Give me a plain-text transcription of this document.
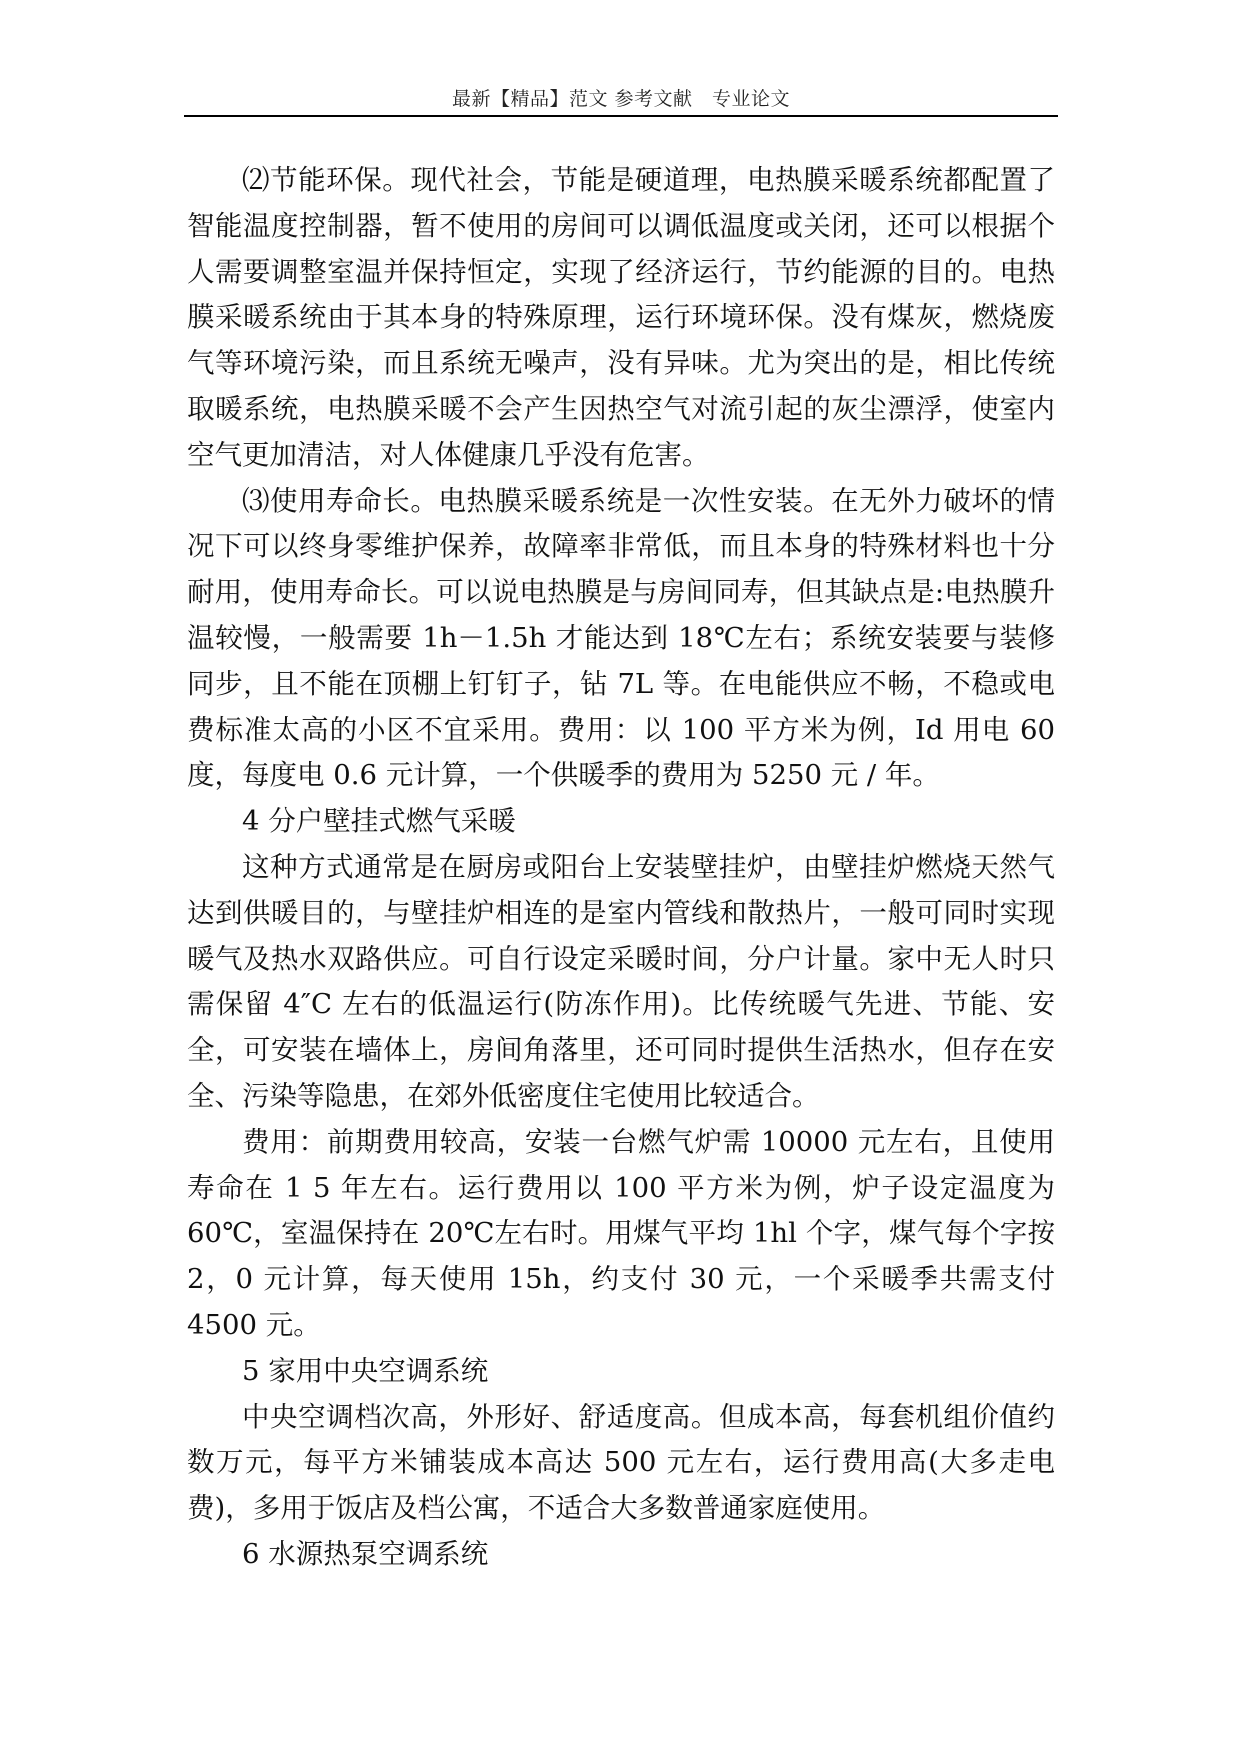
最新【精品】范文 参考文献　专业论文

⑵节能环保。现代社会，节能是硬道理，电热膜采暖系统都配置了智能温度控制器，暂不使用的房间可以调低温度或关闭，还可以根据个人需要调整室温并保持恒定，实现了经济运行，节约能源的目的。电热膜采暖系统由于其本身的特殊原理，运行环境环保。没有煤灰，燃烧废气等环境污染，而且系统无噪声，没有异味。尤为突出的是，相比传统取暖系统，电热膜采暖不会产生因热空气对流引起的灰尘漂浮，使室内空气更加清洁，对人体健康几乎没有危害。

⑶使用寿命长。电热膜采暖系统是一次性安装。在无外力破坏的情况下可以终身零维护保养，故障率非常低，而且本身的特殊材料也十分耐用，使用寿命长。可以说电热膜是与房间同寿，但其缺点是:电热膜升温较慢，一般需要 1h－1.5h 才能达到 18℃左右；系统安装要与装修同步，且不能在顶棚上钉钉子，钻 7L 等。在电能供应不畅，不稳或电费标准太高的小区不宜采用。费用：以 100 平方米为例，Id 用电 60 度，每度电 0.6 元计算，一个供暖季的费用为 5250 元 / 年。

4 分户壁挂式燃气采暖

这种方式通常是在厨房或阳台上安装壁挂炉，由壁挂炉燃烧天然气达到供暖目的，与壁挂炉相连的是室内管线和散热片，一般可同时实现暖气及热水双路供应。可自行设定采暖时间，分户计量。家中无人时只需保留 4″C 左右的低温运行(防冻作用)。比传统暖气先进、节能、安全，可安装在墙体上，房间角落里，还可同时提供生活热水，但存在安全、污染等隐患，在郊外低密度住宅使用比较适合。

费用：前期费用较高，安装一台燃气炉需 10000 元左右，且使用寿命在 1 5 年左右。运行费用以 100 平方米为例，炉子设定温度为 60℃，室温保持在 20℃左右时。用煤气平均 1hl 个字，煤气每个字按 2，0 元计算，每天使用 15h，约支付 30 元，一个采暖季共需支付 4500 元。

5 家用中央空调系统

中央空调档次高，外形好、舒适度高。但成本高，每套机组价值约数万元，每平方米铺装成本高达 500 元左右，运行费用高(大多走电费)，多用于饭店及档公寓，不适合大多数普通家庭使用。

6 水源热泵空调系统
